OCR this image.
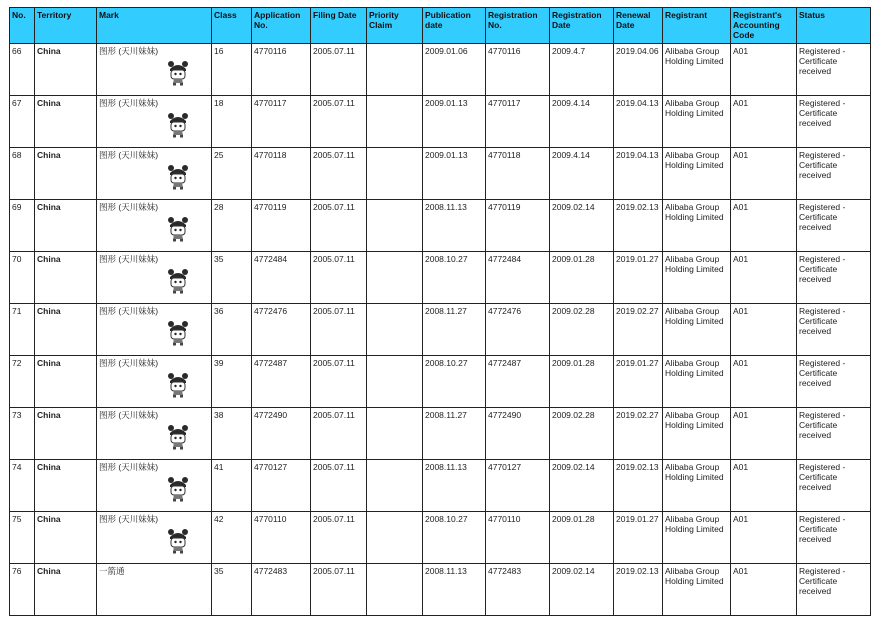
No.	Territory	Mark	Class	Application No.	Filing Date	Priority Claim	Publication date	Registration No.	Registration Date	Renewal Date	Registrant	Registrant's Accounting Code	Status
66	China	图形 (天川妹妹)	16	4770116	2005.07.11		2009.01.06	4770116	2009.4.7	2019.04.06	Alibaba Group Holding Limited	A01	Registered - Certificate received
67	China	图形 (天川妹妹)	18	4770117	2005.07.11		2009.01.13	4770117	2009.4.14	2019.04.13	Alibaba Group Holding Limited	A01	Registered - Certificate received
68	China	图形 (天川妹妹)	25	4770118	2005.07.11		2009.01.13	4770118	2009.4.14	2019.04.13	Alibaba Group Holding Limited	A01	Registered - Certificate received
69	China	图形 (天川妹妹)	28	4770119	2005.07.11		2008.11.13	4770119	2009.02.14	2019.02.13	Alibaba Group Holding Limited	A01	Registered - Certificate received
70	China	图形 (天川妹妹)	35	4772484	2005.07.11		2008.10.27	4772484	2009.01.28	2019.01.27	Alibaba Group Holding Limited	A01	Registered - Certificate received
71	China	图形 (天川妹妹)	36	4772476	2005.07.11		2008.11.27	4772476	2009.02.28	2019.02.27	Alibaba Group Holding Limited	A01	Registered - Certificate received
72	China	图形 (天川妹妹)	39	4772487	2005.07.11		2008.10.27	4772487	2009.01.28	2019.01.27	Alibaba Group Holding Limited	A01	Registered - Certificate received
73	China	图形 (天川妹妹)	38	4772490	2005.07.11		2008.11.27	4772490	2009.02.28	2019.02.27	Alibaba Group Holding Limited	A01	Registered - Certificate received
74	China	图形 (天川妹妹)	41	4770127	2005.07.11		2008.11.13	4770127	2009.02.14	2019.02.13	Alibaba Group Holding Limited	A01	Registered - Certificate received
75	China	图形 (天川妹妹)	42	4770110	2005.07.11		2008.10.27	4770110	2009.01.28	2019.01.27	Alibaba Group Holding Limited	A01	Registered - Certificate received
76	China	一箭通	35	4772483	2005.07.11		2008.11.13	4772483	2009.02.14	2019.02.13	Alibaba Group Holding Limited	A01	Registered - Certificate received
